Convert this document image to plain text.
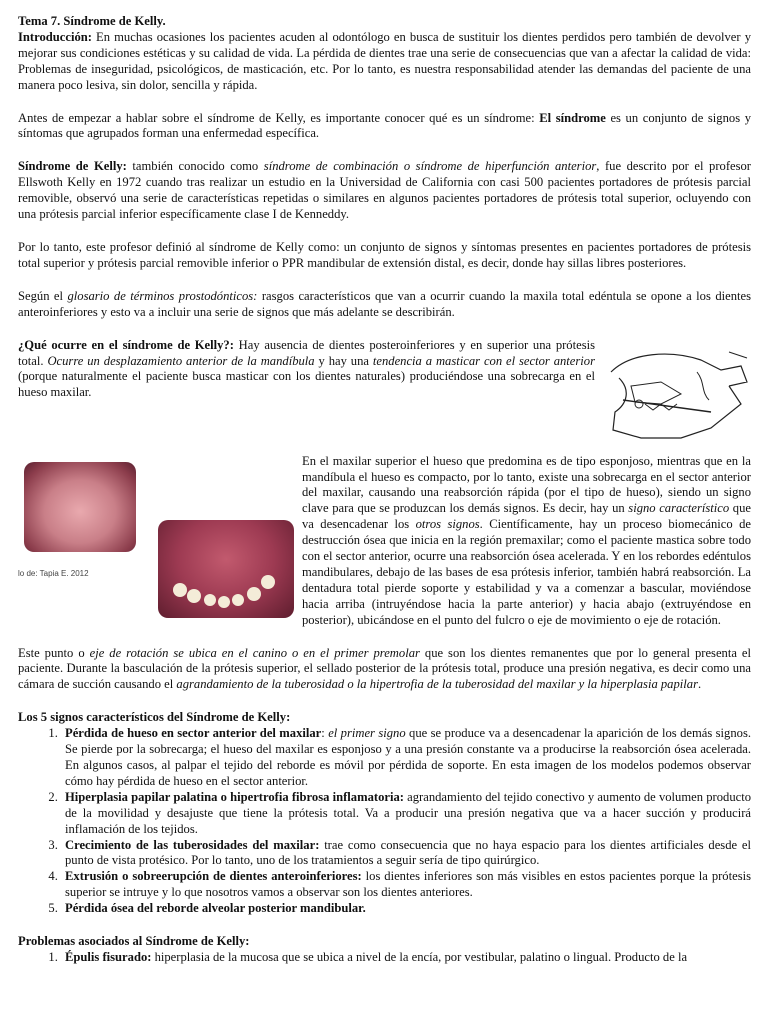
Tema 7. Síndrome de Kelly.

Introducción: En muchas ocasiones los pacientes acuden al odontólogo en busca de sustituir los dientes perdidos pero también de devolver y mejorar sus condiciones estéticas y su calidad de vida. La pérdida de dientes trae una serie de consecuencias que van a afectar la calidad de vida: Problemas de inseguridad, psicológicos, de masticación, etc. Por lo tanto, es nuestra responsabilidad atender las demandas del paciente de una manera poco lesiva, sin dolor, sencilla y rápida.

Antes de empezar a hablar sobre el síndrome de Kelly, es importante conocer qué es un síndrome: El síndrome es un conjunto de signos y síntomas que agrupados forman una enfermedad específica.

Síndrome de Kelly: también conocido como síndrome de combinación o síndrome de hiperfunción anterior, fue descrito por el profesor Ellswoth Kelly en 1972 cuando tras realizar un estudio en la Universidad de California con casi 500 pacientes portadores de prótesis parcial removible, observó una serie de características repetidas o similares en algunos pacientes portadores de prótesis total superior, ocluyendo con una prótesis parcial inferior específicamente clase I de Kenneddy.

Por lo tanto, este profesor definió al síndrome de Kelly como: un conjunto de signos y síntomas presentes en pacientes portadores de prótesis total superior y prótesis parcial removible inferior o PPR mandibular de extensión distal, es decir, donde hay sillas libres posteriores.

Según el glosario de términos prostodónticos: rasgos característicos que van a ocurrir cuando la maxila total edéntula se opone a los dientes anteroinferiores y esto va a incluir una serie de signos que más adelante se describirán.

¿Qué ocurre en el síndrome de Kelly?: Hay ausencia de dientes posteroinferiores y en superior una prótesis total. Ocurre un desplazamiento anterior de la mandíbula y hay una tendencia a masticar con el sector anterior (porque naturalmente el paciente busca masticar con los dientes naturales) produciéndose una sobrecarga en el hueso maxilar.

lo de: Tapia E. 2012

En el maxilar superior el hueso que predomina es de tipo esponjoso, mientras que en la mandíbula el hueso es compacto, por lo tanto, existe una sobrecarga en el sector anterior del maxilar, causando una reabsorción rápida (por el tipo de hueso), siendo un signo clave para que se produzcan los demás signos. Es decir, hay un signo característico que va desencadenar los otros signos. Científicamente, hay un proceso biomecánico de destrucción ósea que inicia en la región premaxilar; como el paciente mastica sobre todo con el sector anterior, ocurre una reabsorción ósea acelerada. Y en los rebordes edéntulos mandibulares, debajo de las bases de esa prótesis inferior, también habrá reabsorción. La dentadura total pierde soporte y estabilidad y va a comenzar a bascular, moviéndose hacia arriba (intruyéndose hacia la parte anterior) y hacia abajo (extruyéndose en posterior), ubicándose en el punto del fulcro o eje de movimiento o eje de rotación.

Este punto o eje de rotación se ubica en el canino o en el primer premolar que son los dientes remanentes que por lo general presenta el paciente. Durante la basculación de la prótesis superior, el sellado posterior de la prótesis total, produce una presión negativa, es decir como una cámara de succión causando el agrandamiento de la tuberosidad o la hipertrofia de la tuberosidad del maxilar y la hiperplasia papilar.

Los 5 signos característicos del Síndrome de Kelly:

1. Pérdida de hueso en sector anterior del maxilar: el primer signo que se produce va a desencadenar la aparición de los demás signos. Se pierde por la sobrecarga; el hueso del maxilar es esponjoso y a una presión constante va a producirse la reabsorción ósea acelerada. En algunos casos, al palpar el tejido del reborde es móvil por pérdida de soporte. En esta imagen de los modelos podemos observar cómo hay pérdida de hueso en el sector anterior.
2. Hiperplasia papilar palatina o hipertrofia fibrosa inflamatoria: agrandamiento del tejido conectivo y aumento de volumen producto de la movilidad y desajuste que tiene la prótesis total. Va a producir una presión negativa que va a hacer succión y producirá inflamación de los tejidos.
3. Crecimiento de las tuberosidades del maxilar: trae como consecuencia que no haya espacio para los dientes artificiales desde el punto de vista protésico. Por lo tanto, uno de los tratamientos a seguir sería de tipo quirúrgico.
4. Extrusión o sobreerupción de dientes anteroinferiores: los dientes inferiores son más visibles en estos pacientes porque la prótesis superior se intruye y lo que nosotros vamos a observar son los dientes anteriores.
5. Pérdida ósea del reborde alveolar posterior mandibular.

Problemas asociados al Síndrome de Kelly:

1. Épulis fisurado: hiperplasia de la mucosa que se ubica a nivel de la encía, por vestibular, palatino o lingual. Producto de la
